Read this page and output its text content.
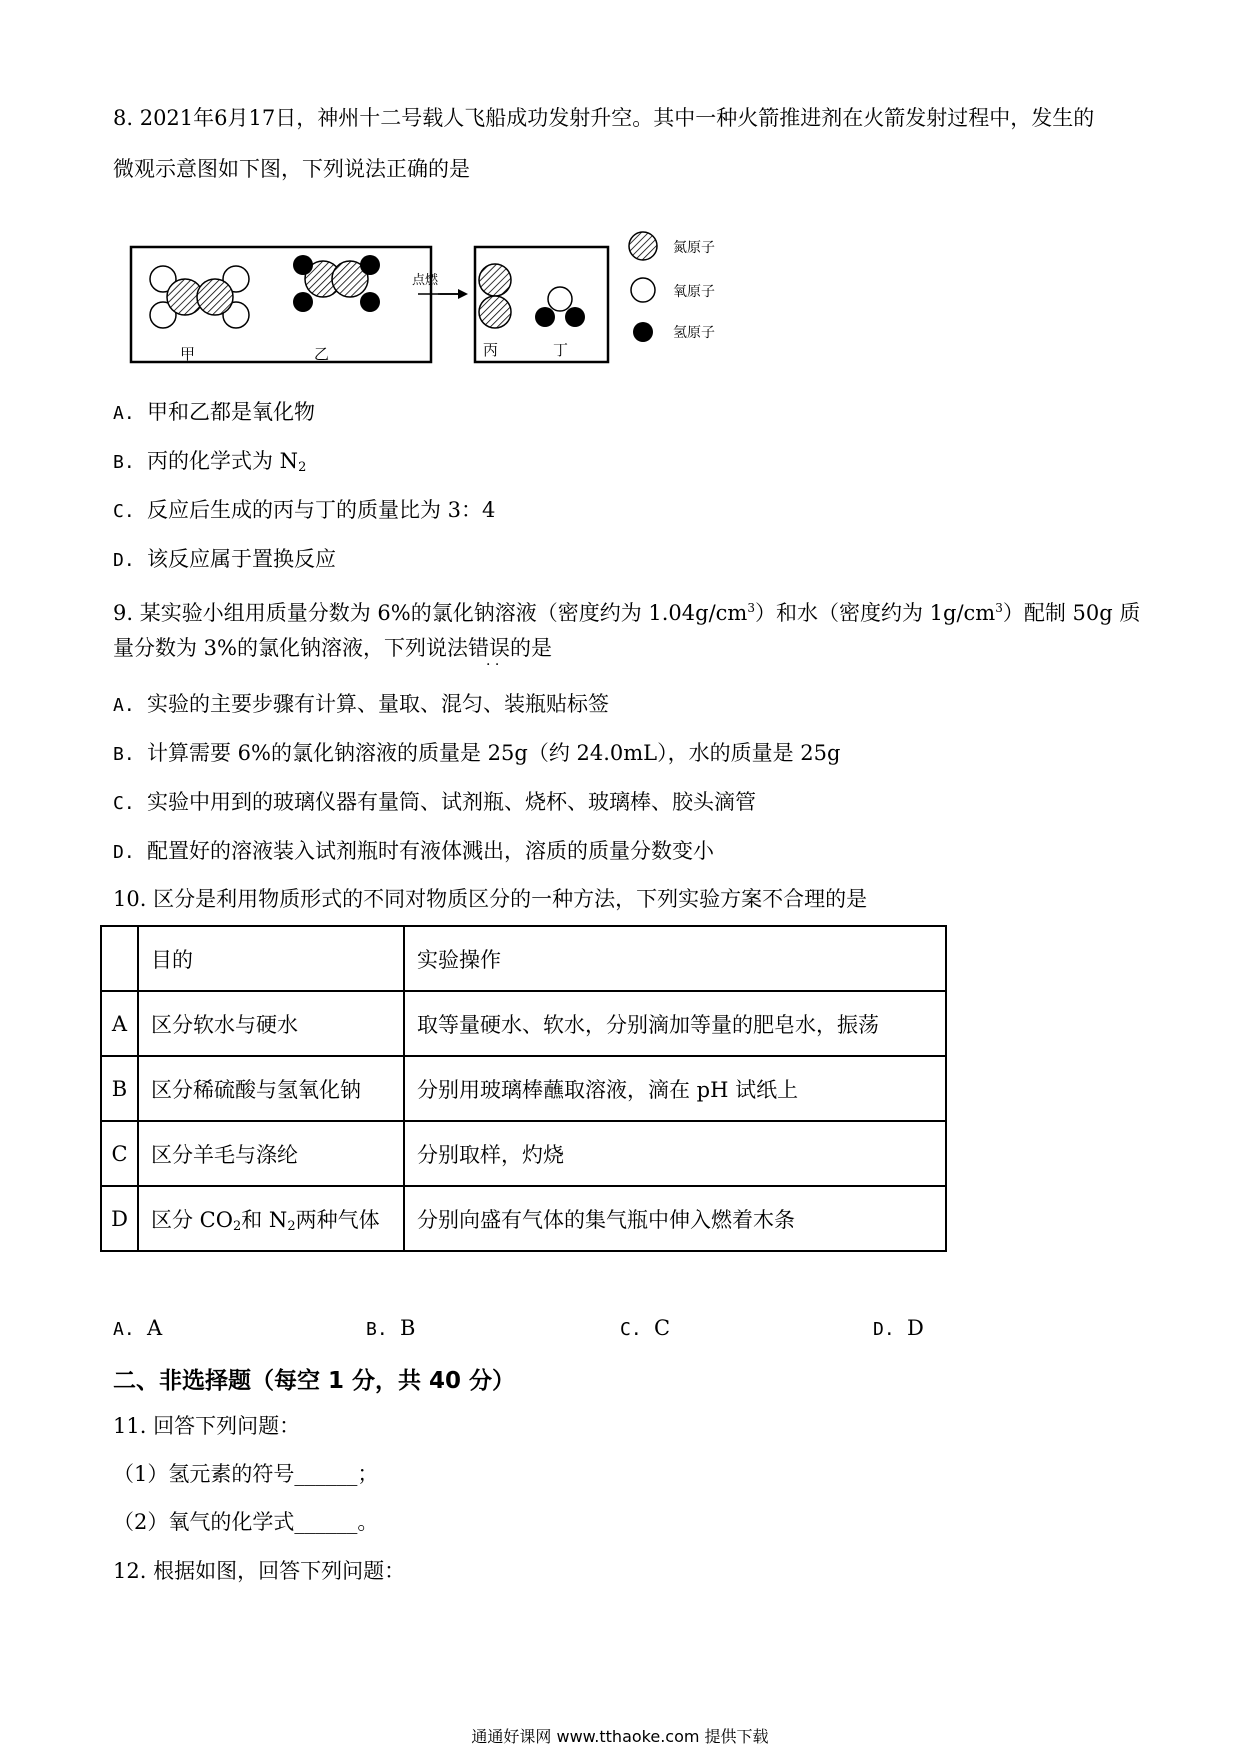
8. 2021年6月17日，神州十二号载人飞船成功发射升空。其中一种火箭推进剂在火箭发射过程中，发生的
微观示意图如下图，下列说法正确的是
甲	乙
点燃
丙	丁
氮原子
氧原子
氢原子
A. 甲和乙都是氧化物
B. 丙的化学式为 $N_2$
C. 反应后生成的丙与丁的质量比为 3：4
D. 该反应属于置换反应
9. 某实验小组用质量分数为 6%的氯化钠溶液（密度约为 $1.04g/cm^3$）和水（密度约为 $1g/cm^3$）配制 50g 质
量分数为 3%的氯化钠溶液，下列说法错误的是
· ·
A. 实验的主要步骤有计算、量取、混匀、装瓶贴标签
B. 计算需要 6%的氯化钠溶液的质量是 25g（约 24.0mL），水的质量是 25g
C. 实验中用到的玻璃仪器有量筒、试剂瓶、烧杯、玻璃棒、胶头滴管
D. 配置好的溶液装入试剂瓶时有液体溅出，溶质的质量分数变小
10. 区分是利用物质形式的不同对物质区分的一种方法，下列实验方案不合理的是
	目的	实验操作
A	区分软水与硬水	取等量硬水、软水，分别滴加等量的肥皂水，振荡
B	区分稀硫酸与氢氧化钠	分别用玻璃棒蘸取溶液，滴在 pH 试纸上
C	区分羊毛与涤纶	分别取样，灼烧
D	区分 $CO_2$和 $N_2$两种气体	分别向盛有气体的集气瓶中伸入燃着木条
A. A	B. B	C. C	D. D
二、非选择题（每空 1 分，共 40 分）
11. 回答下列问题：
（1）氢元素的符号______；
（2）氧气的化学式______。
12. 根据如图，回答下列问题：
通通好课网 www.tthaoke.com 提供下载
